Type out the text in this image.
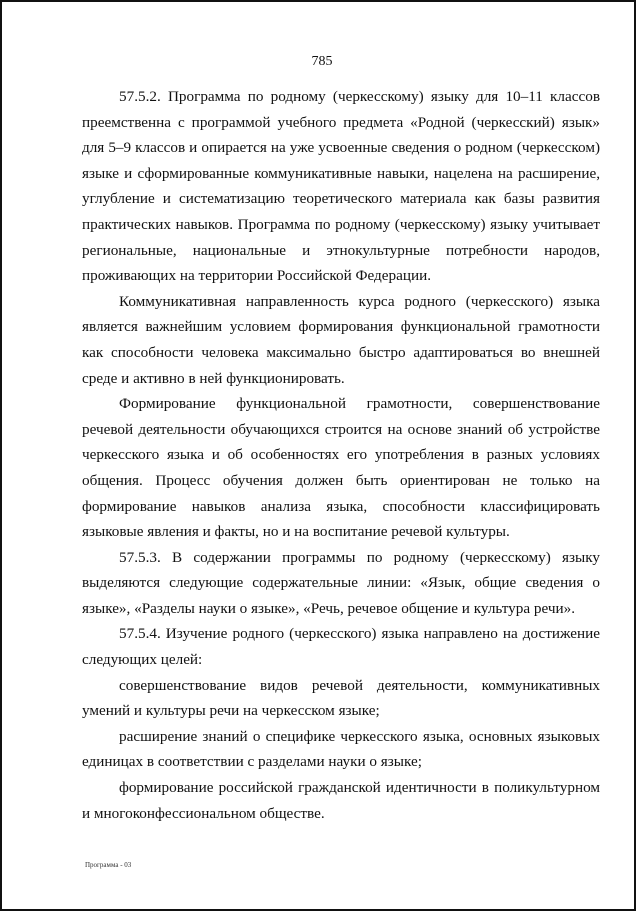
785

57.5.2. Программа по родному (черкесскому) языку для 10–11 классов преемственна с программой учебного предмета «Родной (черкесский) язык» для 5–9 классов и опирается на уже усвоенные сведения о родном (черкесском) языке и сформированные коммуникативные навыки, нацелена на расширение, углубление и систематизацию теоретического материала как базы развития практических навыков. Программа по родному (черкесскому) языку учитывает региональные, национальные и этнокультурные потребности народов, проживающих на территории Российской Федерации.

Коммуникативная направленность курса родного (черкесского) языка является важнейшим условием формирования функциональной грамотности как способности человека максимально быстро адаптироваться во внешней среде и активно в ней функционировать.

Формирование функциональной грамотности, совершенствование речевой деятельности обучающихся строится на основе знаний об устройстве черкесского языка и об особенностях его употребления в разных условиях общения. Процесс обучения должен быть ориентирован не только на формирование навыков анализа языка, способности классифицировать языковые явления и факты, но и на воспитание речевой культуры.

57.5.3. В содержании программы по родному (черкесскому) языку выделяются следующие содержательные линии: «Язык, общие сведения о языке», «Разделы науки о языке», «Речь, речевое общение и культура речи».

57.5.4. Изучение родного (черкесского) языка направлено на достижение следующих целей:

совершенствование видов речевой деятельности, коммуникативных умений и культуры речи на черкесском языке;

расширение знаний о специфике черкесского языка, основных языковых единицах в соответствии с разделами науки о языке;

формирование российской гражданской идентичности в поликультурном и многоконфессиональном обществе.

Программа - 03
